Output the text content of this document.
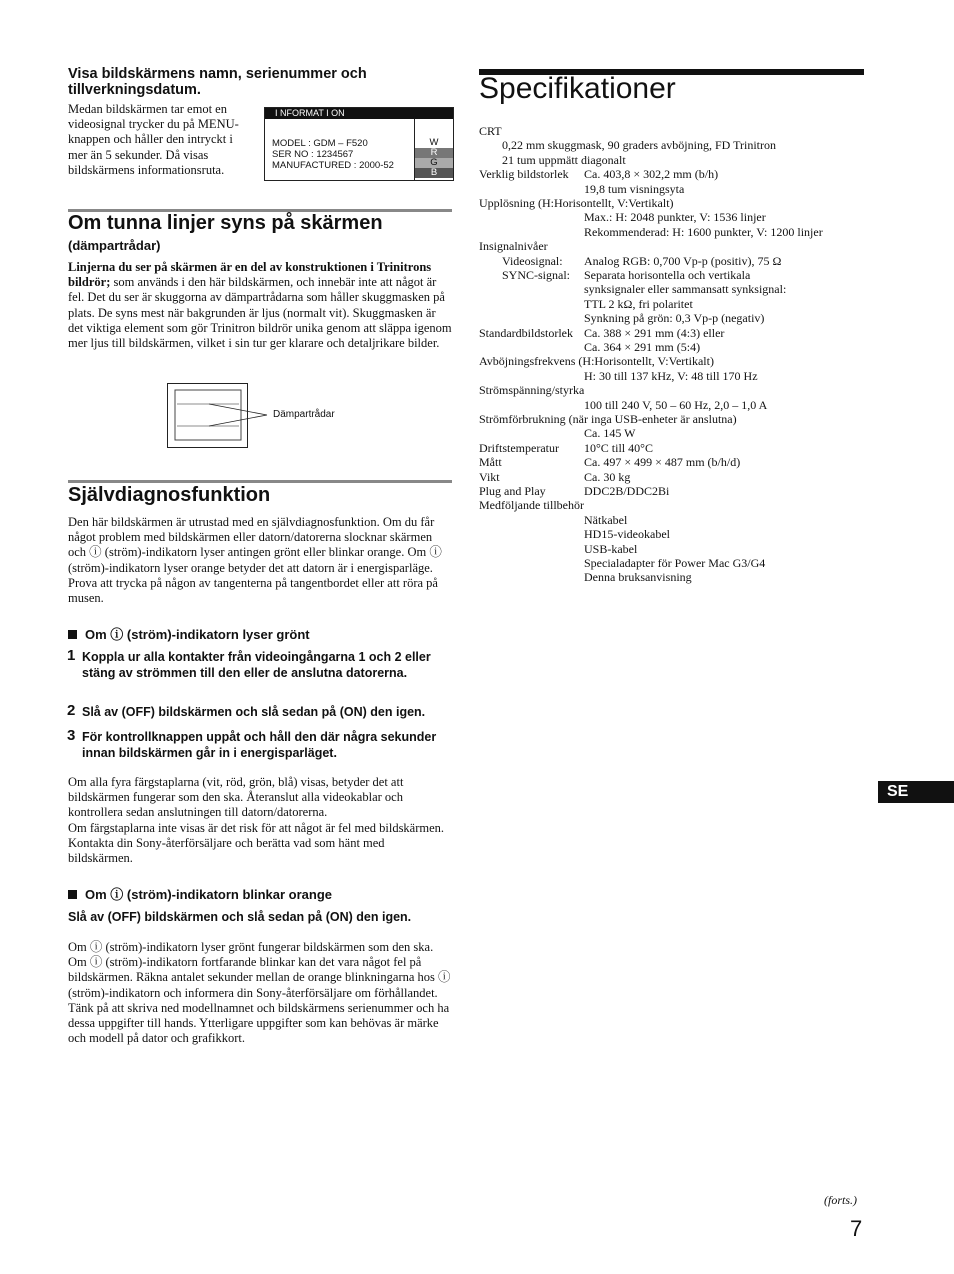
Visa bildskärmens namn, serienummer och tillverkningsdatum.
Medan bildskärmen tar emot en videosignal trycker du på MENU-knappen och håller den intryckt i mer än 5 sekunder. Då visas bildskärmens informationsruta.
I NFORMAT I ON
MODEL : GDM – F520
SER NO : 1234567
MANUFACTURED : 2000-52
W
R
G
B
Om tunna linjer syns på skärmen
(dämpartrådar)
Linjerna du ser på skärmen är en del av konstruktionen i Trinitrons bildrör; som används i den här bildskärmen, och innebär inte att något är fel. Det du ser är skuggorna av dämpartrådarna som håller skuggmasken på plats. De syns mest när bakgrunden är ljus (normalt vit). Skuggmasken är det viktiga element som gör Trinitron bildrör unika genom att släppa igenom mer ljus till bildskärmen, vilket i sin tur ger klarare och detaljrikare bilder.
Dämpartrådar
Självdiagnosfunktion
Den här bildskärmen är utrustad med en självdiagnosfunktion. Om du får något problem med bildskärmen eller datorn/datorerna slocknar skärmen och ⓘ (ström)-indikatorn lyser antingen grönt eller blinkar orange. Om ⓘ (ström)-indikatorn lyser orange betyder det att datorn är i energisparläge. Prova att trycka på någon av tangenterna på tangentbordet eller att röra på musen.
Om ⓘ (ström)-indikatorn lyser grönt
1 Koppla ur alla kontakter från videoingångarna 1 och 2 eller stäng av strömmen till den eller de anslutna datorerna.
2 Slå av (OFF) bildskärmen och slå sedan på (ON) den igen.
3 För kontrollknappen uppåt och håll den där några sekunder innan bildskärmen går in i energisparläget.
Om alla fyra färgstaplarna (vit, röd, grön, blå) visas, betyder det att bildskärmen fungerar som den ska. Återanslut alla videokablar och kontrollera sedan anslutningen till datorn/datorerna.
Om färgstaplarna inte visas är det risk för att något är fel med bildskärmen. Kontakta din Sony-återförsäljare och berätta vad som hänt med bildskärmen.
Om ⓘ (ström)-indikatorn blinkar orange
Slå av (OFF) bildskärmen och slå sedan på (ON) den igen.
Om ⓘ (ström)-indikatorn lyser grönt fungerar bildskärmen som den ska.
Om ⓘ (ström)-indikatorn fortfarande blinkar kan det vara något fel på bildskärmen. Räkna antalet sekunder mellan de orange blinkningarna hos ⓘ (ström)-indikatorn och informera din Sony-återförsäljare om förhållandet. Tänk på att skriva ned modellnamnet och bildskärmens serienummer och ha dessa uppgifter till hands. Ytterligare uppgifter som kan behövas är märke och modell på dator och grafikkort.
Specifikationer
CRT
0,22 mm skuggmask, 90 graders avböjning, FD Trinitron
21 tum uppmätt diagonalt
Verklig bildstorlek Ca. 403,8 × 302,2 mm (b/h)
19,8 tum visningsyta
Upplösning (H:Horisontellt, V:Vertikalt)
Max.: H: 2048 punkter, V: 1536 linjer
Rekommenderad: H: 1600 punkter, V: 1200 linjer
Insignalnivåer
Videosignal: Analog RGB: 0,700 Vp-p (positiv), 75 Ω
SYNC-signal: Separata horisontella och vertikala
synksignaler eller sammansatt synksignal:
TTL 2 kΩ, fri polaritet
Synkning på grön: 0,3 Vp-p (negativ)
Standardbildstorlek Ca. 388 × 291 mm (4:3) eller
Ca. 364 × 291 mm (5:4)
Avböjningsfrekvens (H:Horisontellt, V:Vertikalt)
H: 30 till 137 kHz, V: 48 till 170 Hz
Strömspänning/styrka
100 till 240 V, 50 – 60 Hz, 2,0 – 1,0 A
Strömförbrukning (när inga USB-enheter är anslutna)
Ca. 145 W
Driftstemperatur 10°C till 40°C
Mått	Ca. 497 × 499 × 487 mm (b/h/d)
Vikt	Ca. 30 kg
Plug and Play	DDC2B/DDC2Bi
Medföljande tillbehör
Nätkabel
HD15-videokabel
USB-kabel
Specialadapter för Power Mac G3/G4
Denna bruksanvisning
SE
(forts.)
7
